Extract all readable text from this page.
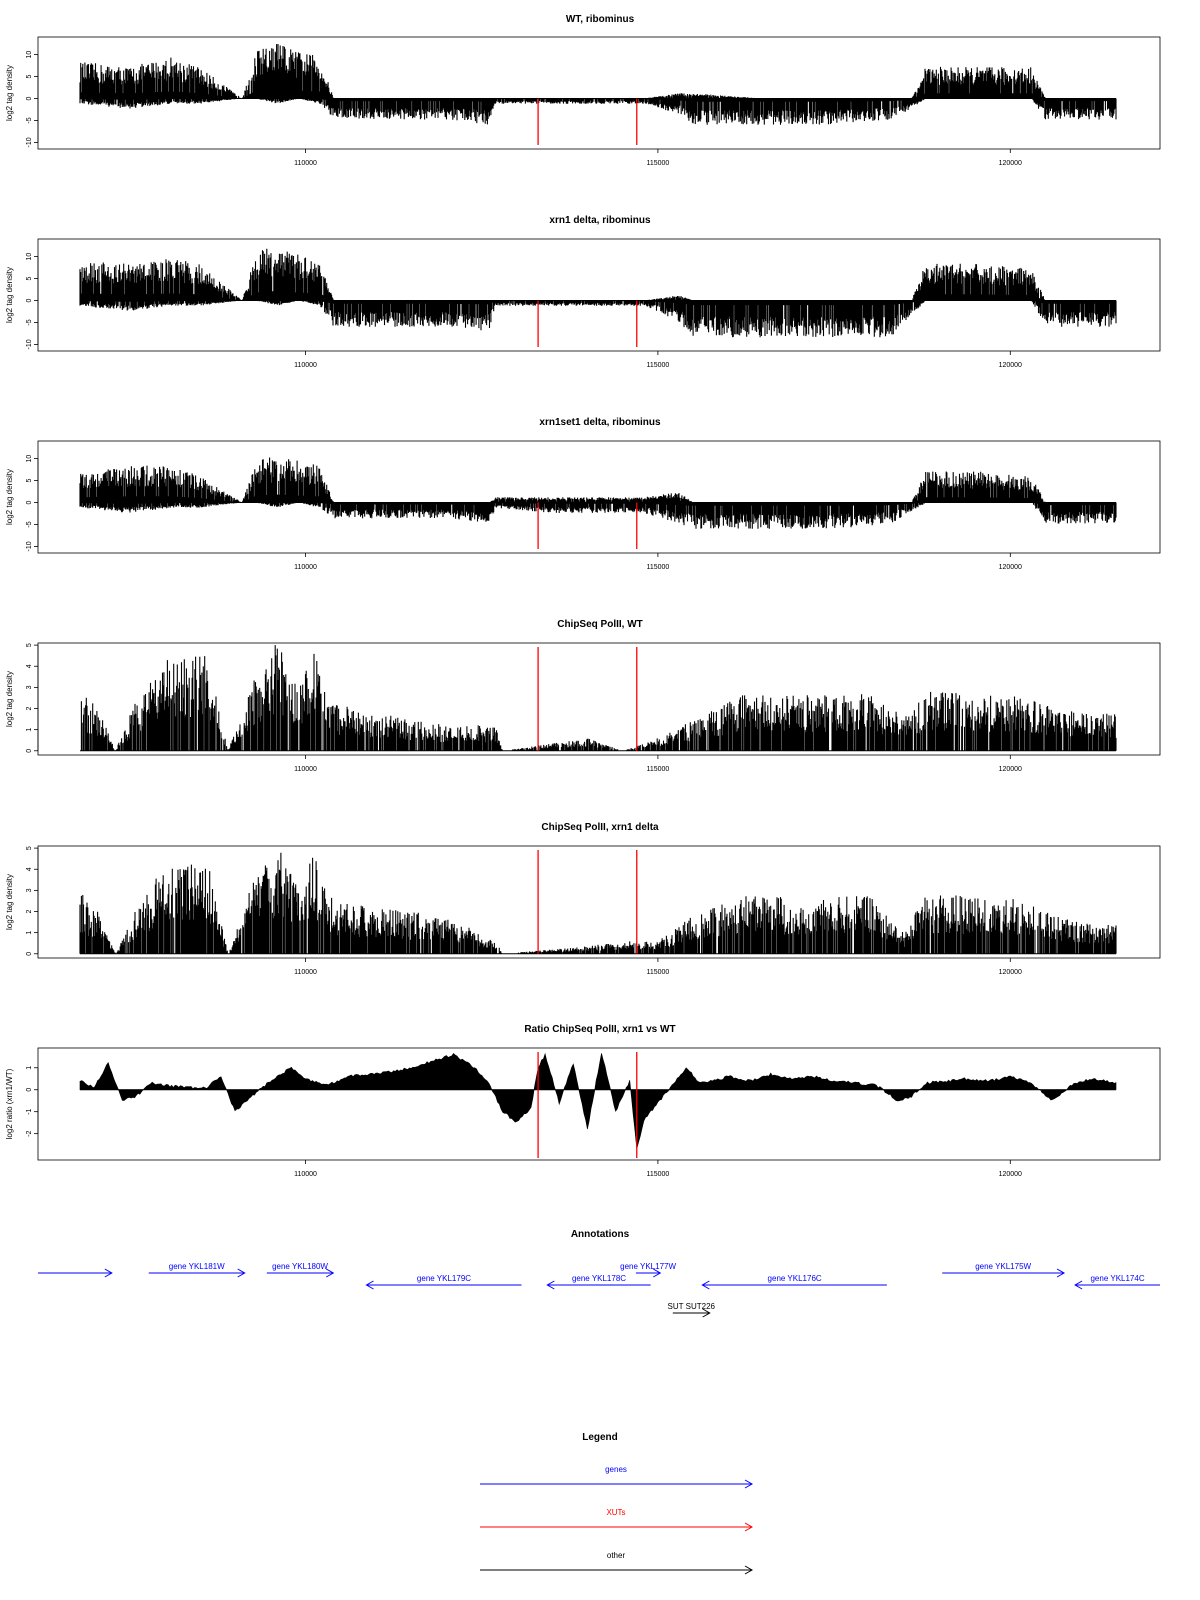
WT, ribominus
-10
-5
0
5
10
log2 tag density
110000	115000	120000
xrn1 delta, ribominus
-10
-5
0
5
10
log2 tag density
110000	115000	120000
xrn1set1 delta, ribominus
-10
-5
0
5
10
log2 tag density
110000	115000	120000
ChipSeq PolII, WT
0
1
2
3
4
5
log2 tag density
110000	115000	120000
ChipSeq PolII, xrn1 delta
0
1
2
3
4
5
log2 tag density
110000	115000	120000
Ratio ChipSeq PolII, xrn1 vs WT
-2
-1
0
1
log2 ratio (xrn1/WT)
110000	115000	120000
Annotations
gene YKL181W	gene YKL180W
gene YKL179C	gene YKL178C
gene YKL177W
gene YKL176C
gene YKL175W
gene YKL174C
SUT SUT226
Legend
genes
XUTs
other
